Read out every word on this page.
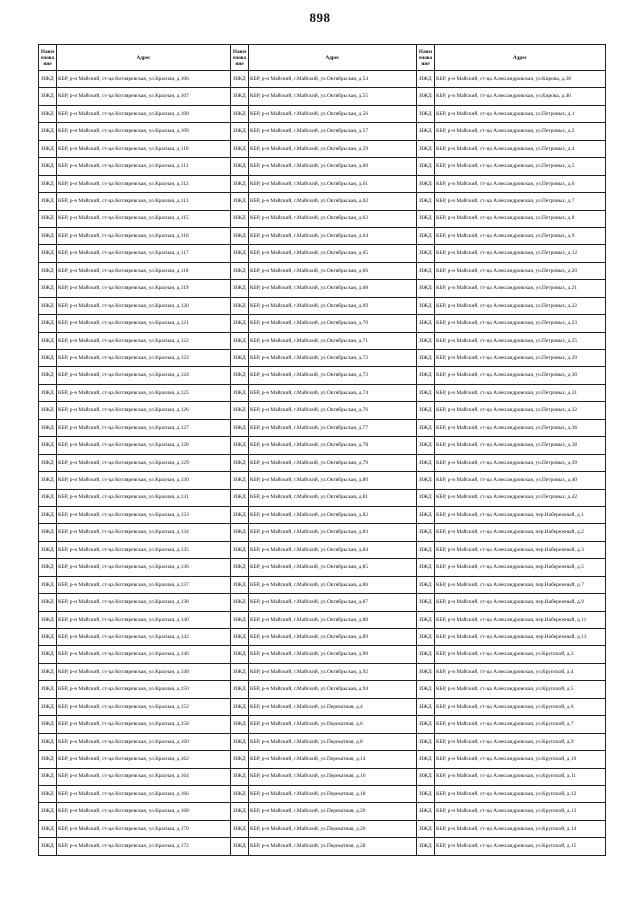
898
Наим енова ние	Адрес	Наим енова ние	Адрес	Наим енова ние	Адрес
ИЖД	КБР, р-н Майский, ст-ца Котляревская, ул.Красная, д.106	ИЖД	КБР, р-н Майский, г.Майский, ул.Октябрьская, д.54	ИЖД	КБР, р-н Майский, ст-ца Александровская, ул.Кирова, д.38
ИЖД	КБР, р-н Майский, ст-ца Котляревская, ул.Красная, д.107	ИЖД	КБР, р-н Майский, г.Майский, ул.Октябрьская, д.55	ИЖД	КБР, р-н Майский, ст-ца Александровская, ул.Кирова, д.40
ИЖД	КБР, р-н Майский, ст-ца Котляревская, ул.Красная, д.108	ИЖД	КБР, р-н Майский, г.Майский, ул.Октябрьская, д.56	ИЖД	КБР, р-н Майский, ст-ца Александровская, ул.Петровых, д.1
ИЖД	КБР, р-н Майский, ст-ца Котляревская, ул.Красная, д.109	ИЖД	КБР, р-н Майский, г.Майский, ул.Октябрьская, д.57	ИЖД	КБР, р-н Майский, ст-ца Александровская, ул.Петровых, д.2
ИЖД	КБР, р-н Майский, ст-ца Котляревская, ул.Красная, д.110	ИЖД	КБР, р-н Майский, г.Майский, ул.Октябрьская, д.59	ИЖД	КБР, р-н Майский, ст-ца Александровская, ул.Петровых, д.4
ИЖД	КБР, р-н Майский, ст-ца Котляревская, ул.Красная, д.111	ИЖД	КБР, р-н Майский, г.Майский, ул.Октябрьская, д.60	ИЖД	КБР, р-н Майский, ст-ца Александровская, ул.Петровых, д.5
ИЖД	КБР, р-н Майский, ст-ца Котляревская, ул.Красная, д.112	ИЖД	КБР, р-н Майский, г.Майский, ул.Октябрьская, д.61	ИЖД	КБР, р-н Майский, ст-ца Александровская, ул.Петровых, д.6
ИЖД	КБР, р-н Майский, ст-ца Котляревская, ул.Красная, д.113	ИЖД	КБР, р-н Майский, г.Майский, ул.Октябрьская, д.62	ИЖД	КБР, р-н Майский, ст-ца Александровская, ул.Петровых, д.7
ИЖД	КБР, р-н Майский, ст-ца Котляревская, ул.Красная, д.115	ИЖД	КБР, р-н Майский, г.Майский, ул.Октябрьская, д.63	ИЖД	КБР, р-н Майский, ст-ца Александровская, ул.Петровых, д.8
ИЖД	КБР, р-н Майский, ст-ца Котляревская, ул.Красная, д.116	ИЖД	КБР, р-н Майский, г.Майский, ул.Октябрьская, д.64	ИЖД	КБР, р-н Майский, ст-ца Александровская, ул.Петровых, д.9
ИЖД	КБР, р-н Майский, ст-ца Котляревская, ул.Красная, д.117	ИЖД	КБР, р-н Майский, г.Майский, ул.Октябрьская, д.65	ИЖД	КБР, р-н Майский, ст-ца Александровская, ул.Петровых, д.12
ИЖД	КБР, р-н Майский, ст-ца Котляревская, ул.Красная, д.118	ИЖД	КБР, р-н Майский, г.Майский, ул.Октябрьская, д.66	ИЖД	КБР, р-н Майский, ст-ца Александровская, ул.Петровых, д.20
ИЖД	КБР, р-н Майский, ст-ца Котляревская, ул.Красная, д.119	ИЖД	КБР, р-н Майский, г.Майский, ул.Октябрьская, д.68	ИЖД	КБР, р-н Майский, ст-ца Александровская, ул.Петровых, д.21
ИЖД	КБР, р-н Майский, ст-ца Котляревская, ул.Красная, д.120	ИЖД	КБР, р-н Майский, г.Майский, ул.Октябрьская, д.69	ИЖД	КБР, р-н Майский, ст-ца Александровская, ул.Петровых, д.22
ИЖД	КБР, р-н Майский, ст-ца Котляревская, ул.Красная, д.121	ИЖД	КБР, р-н Майский, г.Майский, ул.Октябрьская, д.70	ИЖД	КБР, р-н Майский, ст-ца Александровская, ул.Петровых, д.23
ИЖД	КБР, р-н Майский, ст-ца Котляревская, ул.Красная, д.122	ИЖД	КБР, р-н Майский, г.Майский, ул.Октябрьская, д.71	ИЖД	КБР, р-н Майский, ст-ца Александровская, ул.Петровых, д.25
ИЖД	КБР, р-н Майский, ст-ца Котляревская, ул.Красная, д.123	ИЖД	КБР, р-н Майский, г.Майский, ул.Октябрьская, д.72	ИЖД	КБР, р-н Майский, ст-ца Александровская, ул.Петровых, д.29
ИЖД	КБР, р-н Майский, ст-ца Котляревская, ул.Красная, д.124	ИЖД	КБР, р-н Майский, г.Майский, ул.Октябрьская, д.73	ИЖД	КБР, р-н Майский, ст-ца Александровская, ул.Петровых, д.30
ИЖД	КБР, р-н Майский, ст-ца Котляревская, ул.Красная, д.125	ИЖД	КБР, р-н Майский, г.Майский, ул.Октябрьская, д.74	ИЖД	КБР, р-н Майский, ст-ца Александровская, ул.Петровых, д.31
ИЖД	КБР, р-н Майский, ст-ца Котляревская, ул.Красная, д.126	ИЖД	КБР, р-н Майский, г.Майский, ул.Октябрьская, д.76	ИЖД	КБР, р-н Майский, ст-ца Александровская, ул.Петровых, д.32
ИЖД	КБР, р-н Майский, ст-ца Котляревская, ул.Красная, д.127	ИЖД	КБР, р-н Майский, г.Майский, ул.Октябрьская, д.77	ИЖД	КБР, р-н Майский, ст-ца Александровская, ул.Петровых, д.36
ИЖД	КБР, р-н Майский, ст-ца Котляревская, ул.Красная, д.128	ИЖД	КБР, р-н Майский, г.Майский, ул.Октябрьская, д.78	ИЖД	КБР, р-н Майский, ст-ца Александровская, ул.Петровых, д.38
ИЖД	КБР, р-н Майский, ст-ца Котляревская, ул.Красная, д.129	ИЖД	КБР, р-н Майский, г.Майский, ул.Октябрьская, д.79	ИЖД	КБР, р-н Майский, ст-ца Александровская, ул.Петровых, д.39
ИЖД	КБР, р-н Майский, ст-ца Котляревская, ул.Красная, д.130	ИЖД	КБР, р-н Майский, г.Майский, ул.Октябрьская, д.80	ИЖД	КБР, р-н Майский, ст-ца Александровская, ул.Петровых, д.40
ИЖД	КБР, р-н Майский, ст-ца Котляревская, ул.Красная, д.131	ИЖД	КБР, р-н Майский, г.Майский, ул.Октябрьская, д.81	ИЖД	КБР, р-н Майский, ст-ца Александровская, ул.Петровых, д.42
ИЖД	КБР, р-н Майский, ст-ца Котляревская, ул.Красная, д.133	ИЖД	КБР, р-н Майский, г.Майский, ул.Октябрьская, д.82	ИЖД	КБР, р-н Майский, ст-ца Александровская, пер.Набережный, д.1
ИЖД	КБР, р-н Майский, ст-ца Котляревская, ул.Красная, д.134	ИЖД	КБР, р-н Майский, г.Майский, ул.Октябрьская, д.83	ИЖД	КБР, р-н Майский, ст-ца Александровская, пер.Набережный, д.2
ИЖД	КБР, р-н Майский, ст-ца Котляревская, ул.Красная, д.135	ИЖД	КБР, р-н Майский, г.Майский, ул.Октябрьская, д.84	ИЖД	КБР, р-н Майский, ст-ца Александровская, пер.Набережный, д.3
ИЖД	КБР, р-н Майский, ст-ца Котляревская, ул.Красная, д.136	ИЖД	КБР, р-н Майский, г.Майский, ул.Октябрьская, д.85	ИЖД	КБР, р-н Майский, ст-ца Александровская, пер.Набережный, д.5
ИЖД	КБР, р-н Майский, ст-ца Котляревская, ул.Красная, д.137	ИЖД	КБР, р-н Майский, г.Майский, ул.Октябрьская, д.86	ИЖД	КБР, р-н Майский, ст-ца Александровская, пер.Набережный, д.7
ИЖД	КБР, р-н Майский, ст-ца Котляревская, ул.Красная, д.138	ИЖД	КБР, р-н Майский, г.Майский, ул.Октябрьская, д.87	ИЖД	КБР, р-н Майский, ст-ца Александровская, пер.Набережный, д.9
ИЖД	КБР, р-н Майский, ст-ца Котляревская, ул.Красная, д.140	ИЖД	КБР, р-н Майский, г.Майский, ул.Октябрьская, д.88	ИЖД	КБР, р-н Майский, ст-ца Александровская, пер.Набережный, д.11
ИЖД	КБР, р-н Майский, ст-ца Котляревская, ул.Красная, д.142	ИЖД	КБР, р-н Майский, г.Майский, ул.Октябрьская, д.89	ИЖД	КБР, р-н Майский, ст-ца Александровская, пер.Набережный, д.13
ИЖД	КБР, р-н Майский, ст-ца Котляревская, ул.Красная, д.146	ИЖД	КБР, р-н Майский, г.Майский, ул.Октябрьская, д.90	ИЖД	КБР, р-н Майский, ст-ца Александровская, ул.Крупской, д.3
ИЖД	КБР, р-н Майский, ст-ца Котляревская, ул.Красная, д.148	ИЖД	КБР, р-н Майский, г.Майский, ул.Октябрьская, д.92	ИЖД	КБР, р-н Майский, ст-ца Александровская, ул.Крупской, д.4
ИЖД	КБР, р-н Майский, ст-ца Котляревская, ул.Красная, д.150	ИЖД	КБР, р-н Майский, г.Майский, ул.Октябрьская, д.94	ИЖД	КБР, р-н Майский, ст-ца Александровская, ул.Крупской, д.5
ИЖД	КБР, р-н Майский, ст-ца Котляревская, ул.Красная, д.152	ИЖД	КБР, р-н Майский, г.Майский, ул.Перекатная, д.4	ИЖД	КБР, р-н Майский, ст-ца Александровская, ул.Крупской, д.6
ИЖД	КБР, р-н Майский, ст-ца Котляревская, ул.Красная, д.158	ИЖД	КБР, р-н Майский, г.Майский, ул.Перекатная, д.6	ИЖД	КБР, р-н Майский, ст-ца Александровская, ул.Крупской, д.7
ИЖД	КБР, р-н Майский, ст-ца Котляревская, ул.Красная, д.160	ИЖД	КБР, р-н Майский, г.Майский, ул.Перекатная, д.8	ИЖД	КБР, р-н Майский, ст-ца Александровская, ул.Крупской, д.9
ИЖД	КБР, р-н Майский, ст-ца Котляревская, ул.Красная, д.162	ИЖД	КБР, р-н Майский, г.Майский, ул.Перекатная, д.14	ИЖД	КБР, р-н Майский, ст-ца Александровская, ул.Крупской, д.10
ИЖД	КБР, р-н Майский, ст-ца Котляревская, ул.Красная, д.164	ИЖД	КБР, р-н Майский, г.Майский, ул.Перекатная, д.16	ИЖД	КБР, р-н Майский, ст-ца Александровская, ул.Крупской, д.11
ИЖД	КБР, р-н Майский, ст-ца Котляревская, ул.Красная, д.166	ИЖД	КБР, р-н Майский, г.Майский, ул.Перекатная, д.18	ИЖД	КБР, р-н Майский, ст-ца Александровская, ул.Крупской, д.12
ИЖД	КБР, р-н Майский, ст-ца Котляревская, ул.Красная, д.168	ИЖД	КБР, р-н Майский, г.Майский, ул.Перекатная, д.20	ИЖД	КБР, р-н Майский, ст-ца Александровская, ул.Крупской, д.13
ИЖД	КБР, р-н Майский, ст-ца Котляревская, ул.Красная, д.170	ИЖД	КБР, р-н Майский, г.Майский, ул.Перекатная, д.26	ИЖД	КБР, р-н Майский, ст-ца Александровская, ул.Крупской, д.14
ИЖД	КБР, р-н Майский, ст-ца Котляревская, ул.Красная, д.172	ИЖД	КБР, р-н Майский, г.Майский, ул.Перекатная, д.28	ИЖД	КБР, р-н Майский, ст-ца Александровская, ул.Крупской, д.15
